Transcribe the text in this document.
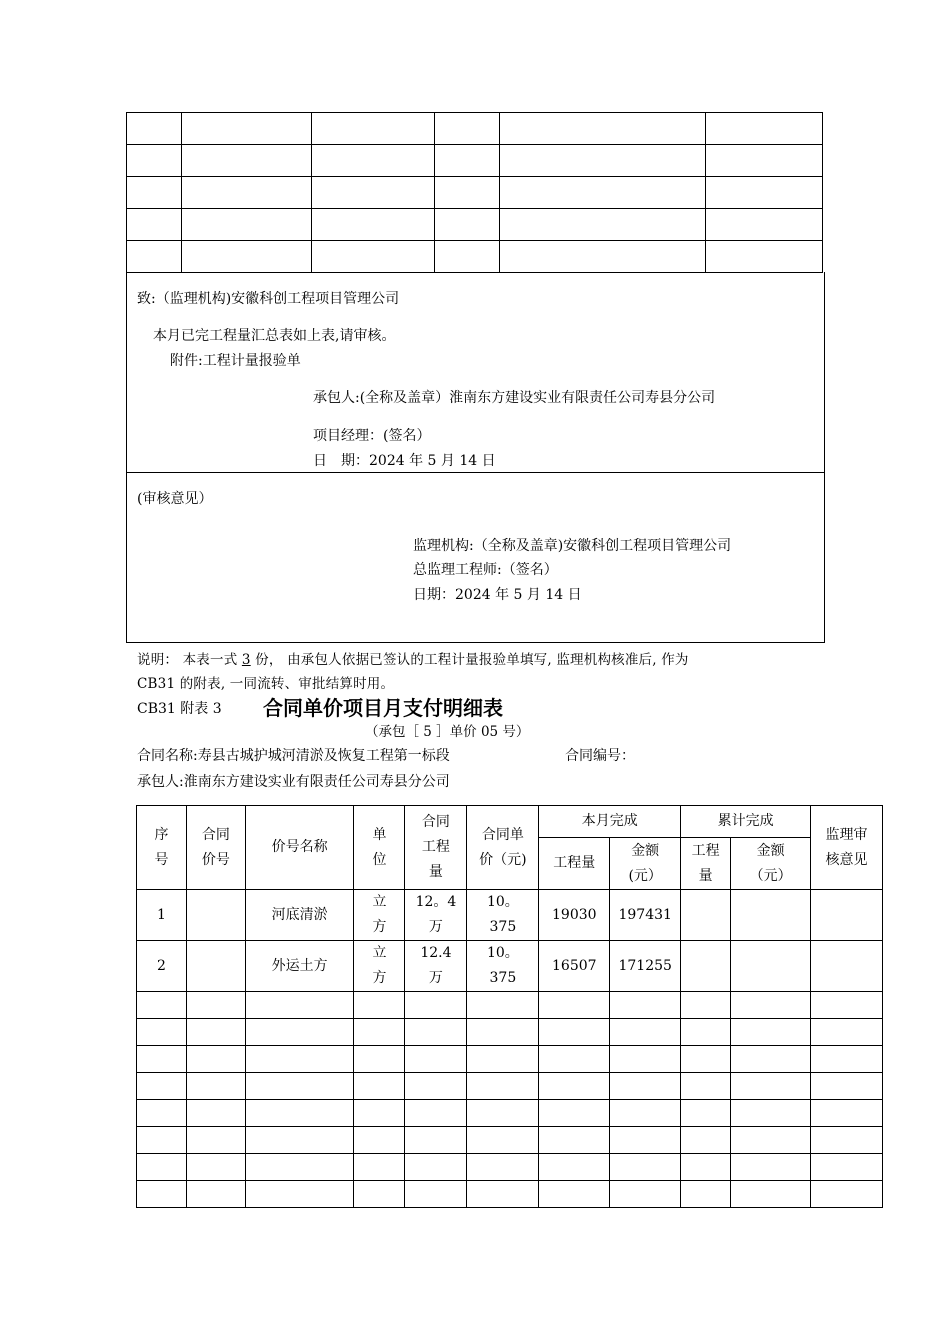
致:（监理机构)安徽科创工程项目管理公司
本月已完工程量汇总表如上表,请审核。
附件:工程计量报验单
承包人:(全称及盖章）淮南东方建设实业有限责任公司寿县分公司
项目经理：(签名）
日　期：2024 年 5 月 14 日
(审核意见）
监理机构:（全称及盖章)安徽科创工程项目管理公司
总监理工程师:（签名）
日期：2024 年 5 月 14 日
说明： 本表一式 3 份， 由承包人依据已签认的工程计量报验单填写, 监理机构核准后, 作为
CB31 的附表, 一同流转、审批结算时用。
CB31 附表 3 合同单价项目月支付明细表
（承包［ 5 ］单价 05 号）
合同名称:寿县古城护城河清淤及恢复工程第一标段	合同编号：
承包人:淮南东方建设实业有限责任公司寿县分公司
序号	合同价号	价号名称	单位	合同工程量	合同单价（元)	本月完成		累计完成		监理审核意见
						工程量	金额(元）	工程量	金额（元）	
1		河底清淤	立方	12。4万	10。375	19030	197431			
2		外运土方	立方	12.4万	10。375	16507	171255			
